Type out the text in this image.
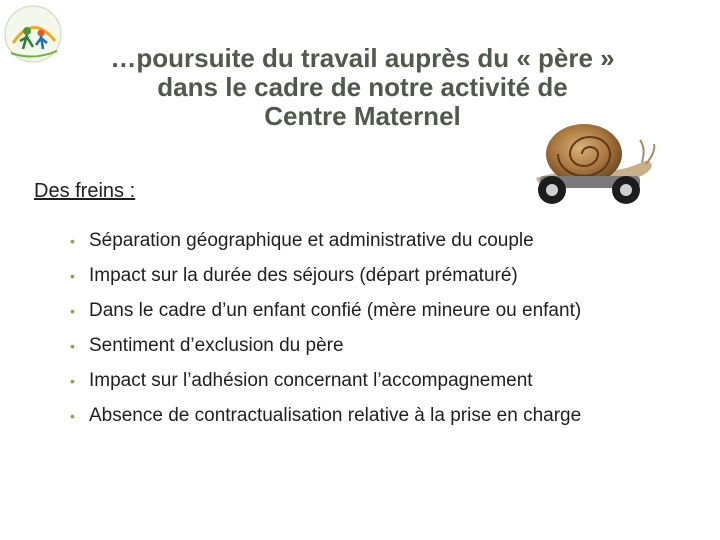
…poursuite du travail auprès du « père »
dans le cadre de notre activité de
Centre Maternel
Des freins :
• Séparation géographique et administrative du couple
• Impact sur la durée des séjours (départ prématuré)
• Dans le cadre d’un enfant confié (mère mineure ou enfant)
• Sentiment d’exclusion du père
• Impact sur l’adhésion concernant l’accompagnement
• Absence de contractualisation relative à la prise en charge
